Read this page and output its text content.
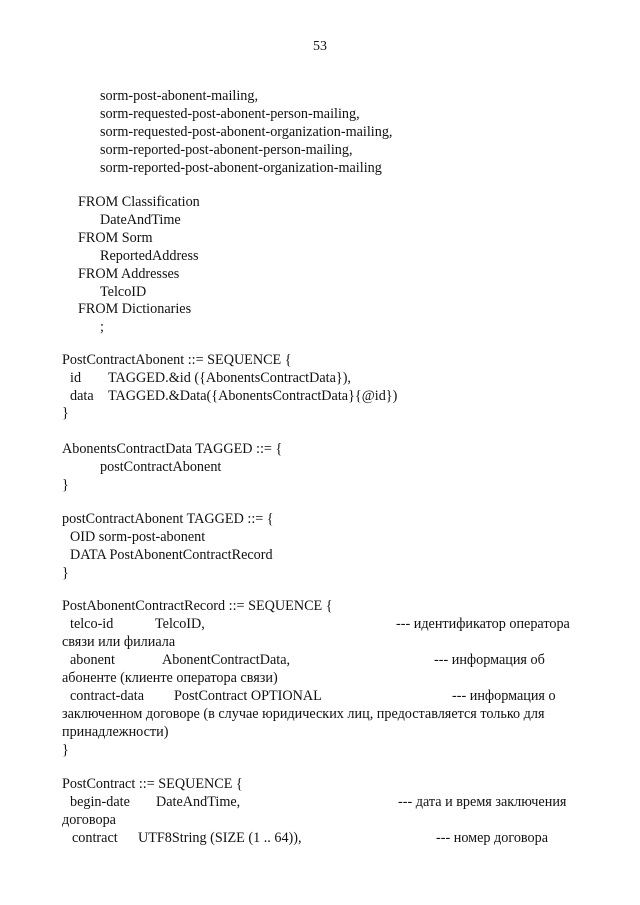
53
sorm-post-abonent-mailing,
sorm-requested-post-abonent-person-mailing,
sorm-requested-post-abonent-organization-mailing,
sorm-reported-post-abonent-person-mailing,
sorm-reported-post-abonent-organization-mailing
FROM Classification
DateAndTime
FROM Sorm
ReportedAddress
FROM Addresses
TelcoID
FROM Dictionaries
;
PostContractAbonent ::= SEQUENCE {
id TAGGED.&id ({AbonentsContractData}),
data TAGGED.&Data({AbonentsContractData}{@id})
}
AbonentsContractData TAGGED ::= {
postContractAbonent
}
postContractAbonent TAGGED ::= {
OID sorm-post-abonent
DATA PostAbonentContractRecord
}
PostAbonentContractRecord ::= SEQUENCE {
telco-id	TelcoID,	--- идентификатор оператора
связи или филиала
abonent	AbonentContractData,	--- информация об
абоненте (клиенте оператора связи)
contract-data PostContract OPTIONAL	--- информация о
заключенном договоре (в случае юридических лиц, предоставляется только для
принадлежности)
}
PostContract ::= SEQUENCE {
begin-date DateAndTime,	--- дата и время заключения
договора
contract UTF8String (SIZE (1 .. 64)),	--- номер договора
